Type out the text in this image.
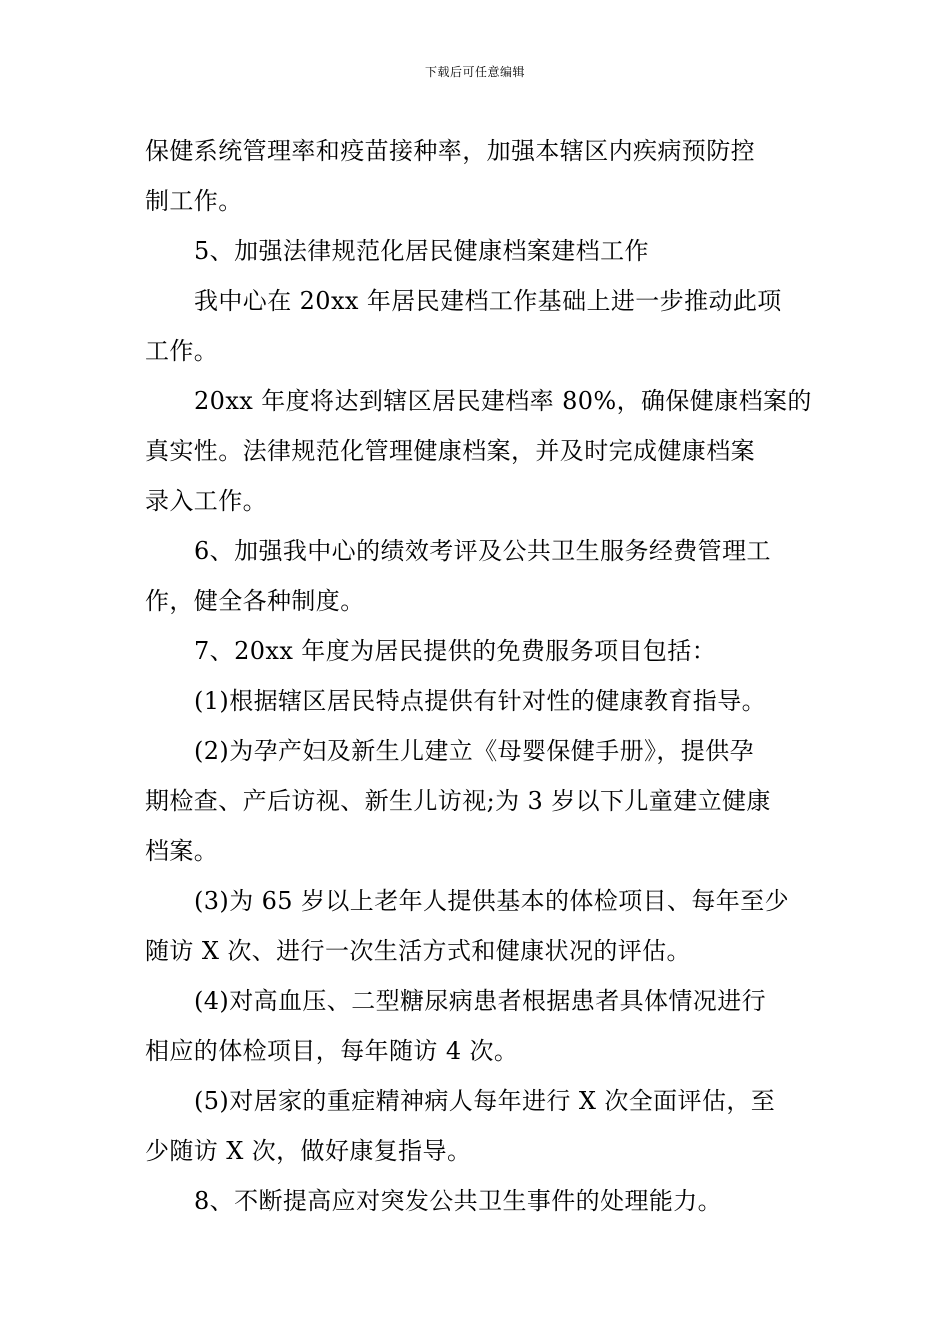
下载后可任意编辑
保健系统管理率和疫苗接种率，加强本辖区内疾病预防控
制工作。
5、加强法律规范化居民健康档案建档工作
我中心在 20xx 年居民建档工作基础上进一步推动此项
工作。
20xx 年度将达到辖区居民建档率 80%，确保健康档案的
真实性。法律规范化管理健康档案，并及时完成健康档案
录入工作。
6、加强我中心的绩效考评及公共卫生服务经费管理工
作，健全各种制度。
7、20xx 年度为居民提供的免费服务项目包括：
(1)根据辖区居民特点提供有针对性的健康教育指导。
(2)为孕产妇及新生儿建立《母婴保健手册》，提供孕
期检查、产后访视、新生儿访视;为 3 岁以下儿童建立健康
档案。
(3)为 65 岁以上老年人提供基本的体检项目、每年至少
随访 X 次、进行一次生活方式和健康状况的评估。
(4)对高血压、二型糖尿病患者根据患者具体情况进行
相应的体检项目，每年随访 4 次。
(5)对居家的重症精神病人每年进行 X 次全面评估，至
少随访 X 次，做好康复指导。
8、不断提高应对突发公共卫生事件的处理能力。
